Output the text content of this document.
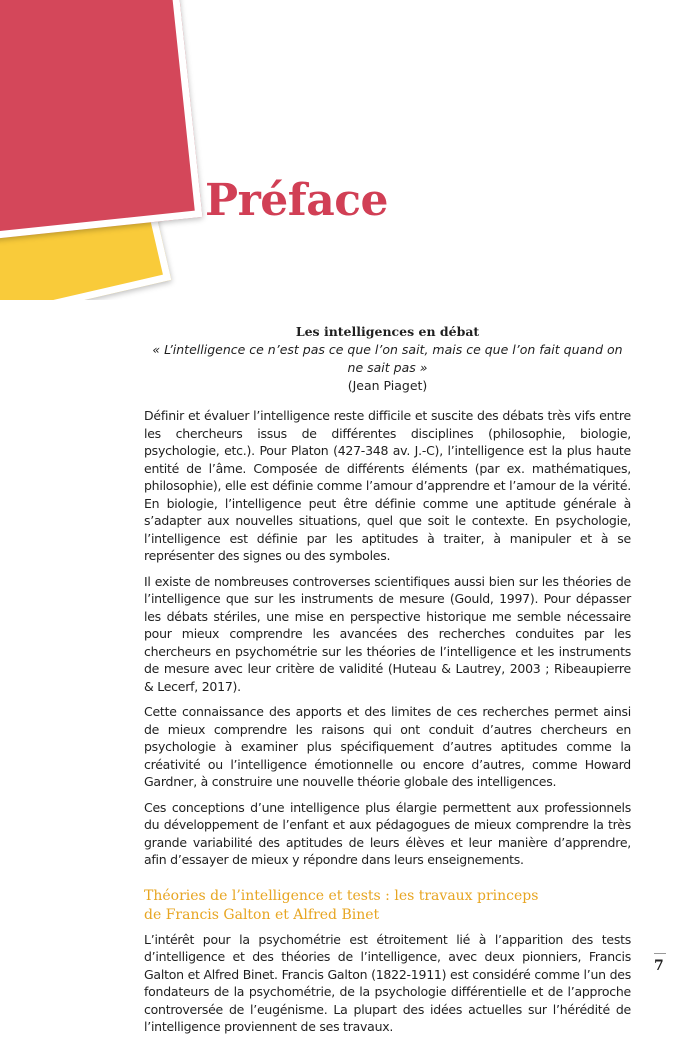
Préface

Les intelligences en débat

« L’intelligence ce n’est pas ce que l’on sait, mais ce que l’on fait quand on ne sait pas »

(Jean Piaget)

Définir et évaluer l’intelligence reste difficile et suscite des débats très vifs entre les chercheurs issus de différentes disciplines (philosophie, biologie, psychologie, etc.). Pour Platon (427-348 av. J.-C), l’intelligence est la plus haute entité de l’âme. Composée de différents éléments (par ex. mathématiques, philosophie), elle est définie comme l’amour d’apprendre et l’amour de la vérité. En biologie, l’intelligence peut être définie comme une aptitude générale à s’adapter aux nouvelles situations, quel que soit le contexte. En psychologie, l’intelligence est définie par les aptitudes à traiter, à manipuler et à se représenter des signes ou des symboles.

Il existe de nombreuses controverses scientifiques aussi bien sur les théories de l’intelligence que sur les instruments de mesure (Gould, 1997). Pour dépasser les débats stériles, une mise en perspective historique me semble nécessaire pour mieux comprendre les avancées des recherches conduites par les chercheurs en psychométrie sur les théories de l’intelligence et les instruments de mesure avec leur critère de validité (Huteau & Lautrey, 2003 ; Ribeaupierre & Lecerf, 2017).

Cette connaissance des apports et des limites de ces recherches permet ainsi de mieux comprendre les raisons qui ont conduit d’autres chercheurs en psychologie à examiner plus spécifiquement d’autres aptitudes comme la créativité ou l’intelligence émotionnelle ou encore d’autres, comme Howard Gardner, à construire une nouvelle théorie globale des intelligences.

Ces conceptions d’une intelligence plus élargie permettent aux professionnels du développement de l’enfant et aux pédagogues de mieux comprendre la très grande variabilité des aptitudes de leurs élèves et leur manière d’apprendre, afin d’essayer de mieux y répondre dans leurs enseignements.

Théories de l’intelligence et tests : les travaux princeps
de Francis Galton et Alfred Binet

L’intérêt pour la psychométrie est étroitement lié à l’apparition des tests d’intelligence et des théories de l’intelligence, avec deux pionniers, Francis Galton et Alfred Binet. Francis Galton (1822-1911) est considéré comme l’un des fondateurs de la psychométrie, de la psychologie différentielle et de l’approche controversée de l’eugénisme. La plupart des idées actuelles sur l’hérédité de l’intelligence proviennent de ses travaux.

7
